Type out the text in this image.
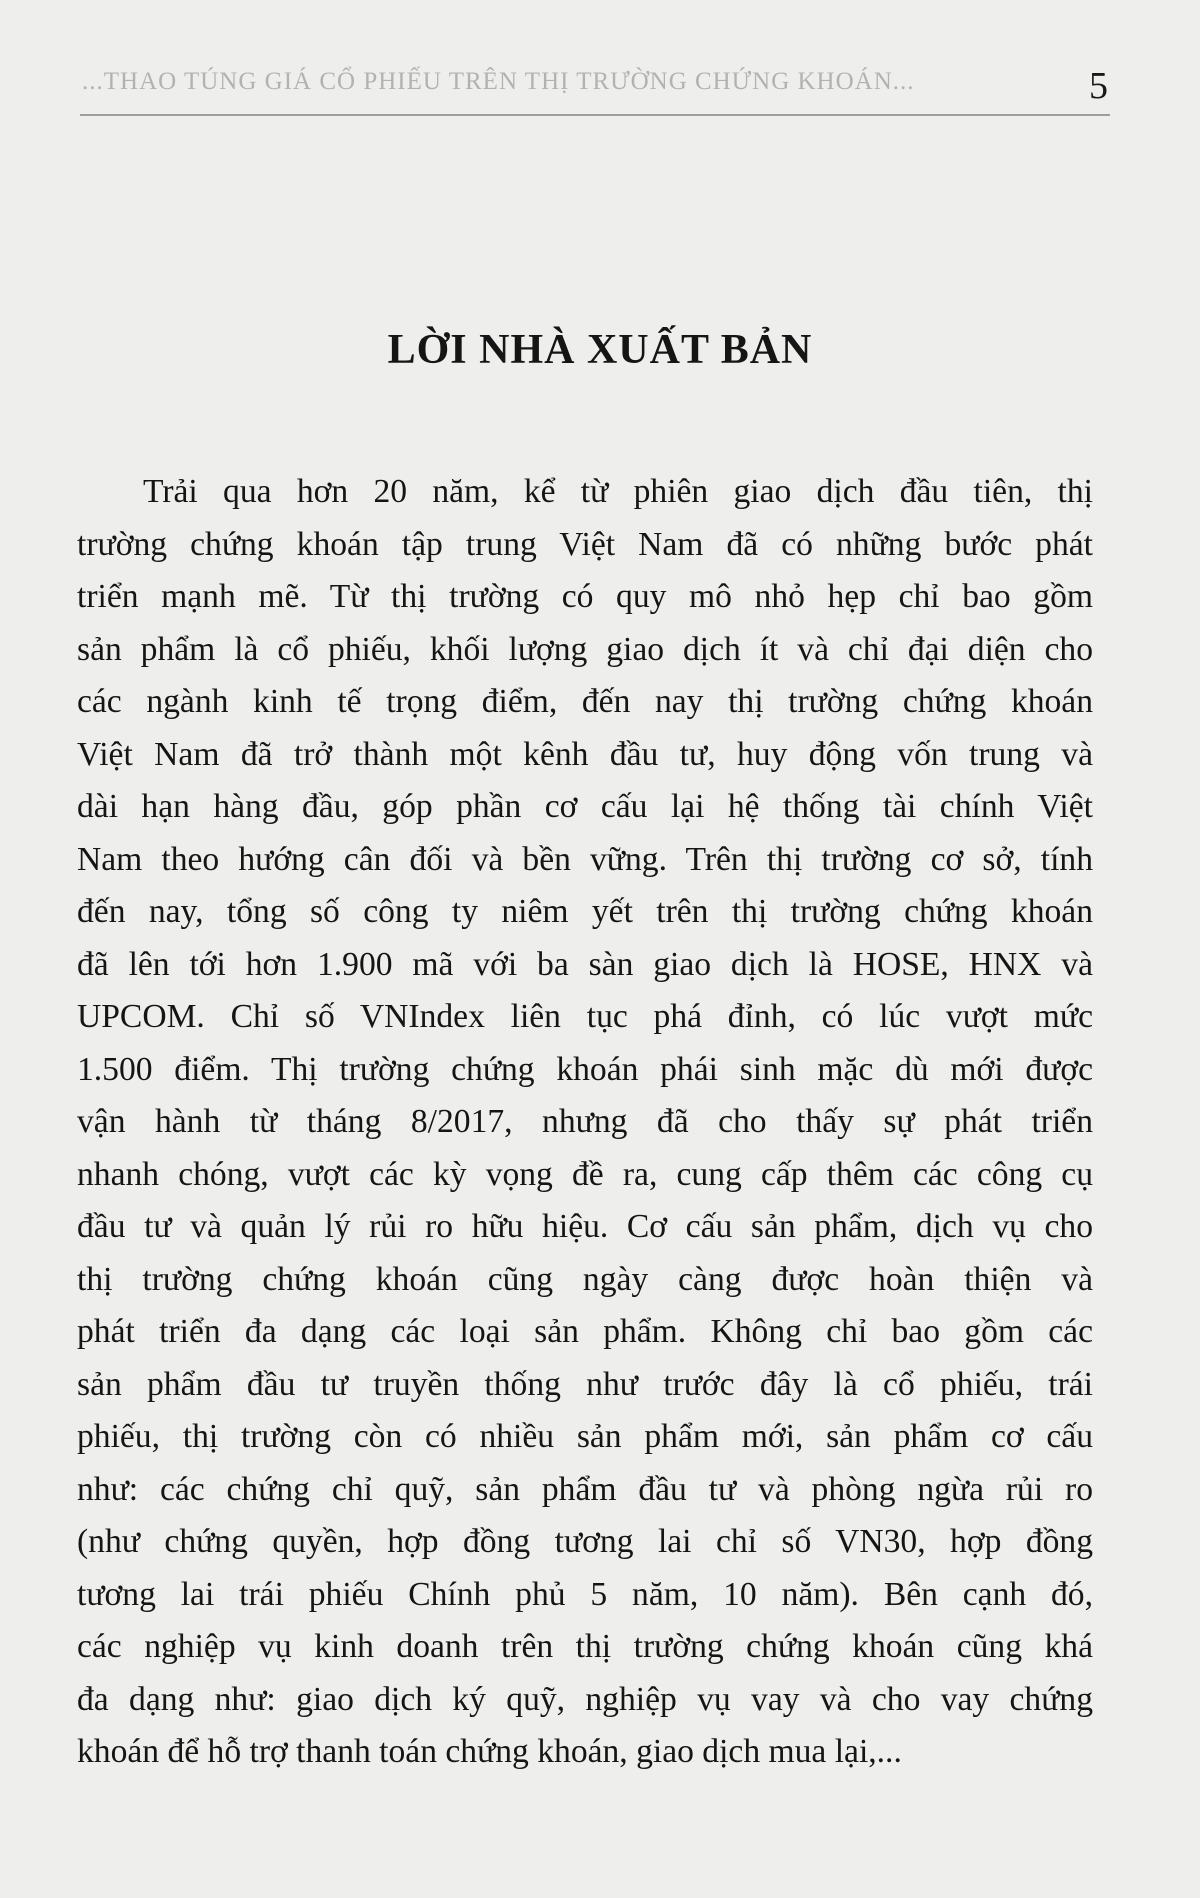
...THAO TÚNG GIÁ CỔ PHIẾU TRÊN THỊ TRƯỜNG CHỨNG KHOÁN...	5
LỜI NHÀ XUẤT BẢN
Trải qua hơn 20 năm, kể từ phiên giao dịch đầu tiên, thị
trường chứng khoán tập trung Việt Nam đã có những bước phát
triển mạnh mẽ. Từ thị trường có quy mô nhỏ hẹp chỉ bao gồm
sản phẩm là cổ phiếu, khối lượng giao dịch ít và chỉ đại diện cho
các ngành kinh tế trọng điểm, đến nay thị trường chứng khoán
Việt Nam đã trở thành một kênh đầu tư, huy động vốn trung và
dài hạn hàng đầu, góp phần cơ cấu lại hệ thống tài chính Việt
Nam theo hướng cân đối và bền vững. Trên thị trường cơ sở, tính
đến nay, tổng số công ty niêm yết trên thị trường chứng khoán
đã lên tới hơn 1.900 mã với ba sàn giao dịch là HOSE, HNX và
UPCOM. Chỉ số VNIndex liên tục phá đỉnh, có lúc vượt mức
1.500 điểm. Thị trường chứng khoán phái sinh mặc dù mới được
vận hành từ tháng 8/2017, nhưng đã cho thấy sự phát triển
nhanh chóng, vượt các kỳ vọng đề ra, cung cấp thêm các công cụ
đầu tư và quản lý rủi ro hữu hiệu. Cơ cấu sản phẩm, dịch vụ cho
thị trường chứng khoán cũng ngày càng được hoàn thiện và
phát triển đa dạng các loại sản phẩm. Không chỉ bao gồm các
sản phẩm đầu tư truyền thống như trước đây là cổ phiếu, trái
phiếu, thị trường còn có nhiều sản phẩm mới, sản phẩm cơ cấu
như: các chứng chỉ quỹ, sản phẩm đầu tư và phòng ngừa rủi ro
(như chứng quyền, hợp đồng tương lai chỉ số VN30, hợp đồng
tương lai trái phiếu Chính phủ 5 năm, 10 năm). Bên cạnh đó,
các nghiệp vụ kinh doanh trên thị trường chứng khoán cũng khá
đa dạng như: giao dịch ký quỹ, nghiệp vụ vay và cho vay chứng
khoán để hỗ trợ thanh toán chứng khoán, giao dịch mua lại,...
